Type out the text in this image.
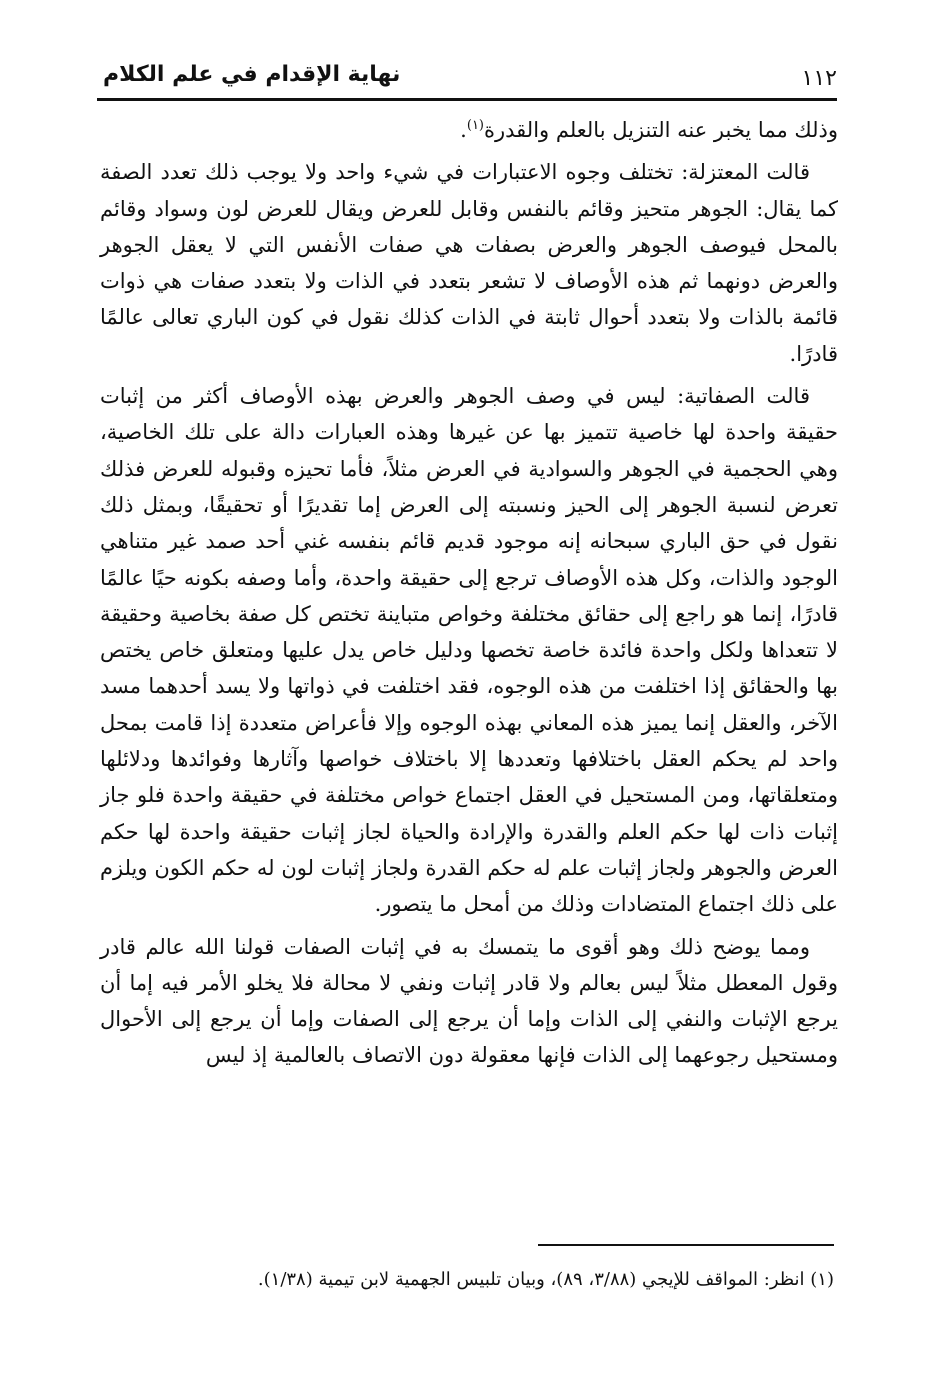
نهاية الإقدام في علم الكلام	١١٢

وذلك مما يخبر عنه التنزيل بالعلم والقدرة$^{(١)}$.

قالت المعتزلة: تختلف وجوه الاعتبارات في شيء واحد ولا يوجب ذلك تعدد الصفة كما يقال: الجوهر متحيز وقائم بالنفس وقابل للعرض ويقال للعرض لون وسواد وقائم بالمحل فيوصف الجوهر والعرض بصفات هي صفات الأنفس التي لا يعقل الجوهر والعرض دونهما ثم هذه الأوصاف لا تشعر بتعدد في الذات ولا بتعدد صفات هي ذوات قائمة بالذات ولا بتعدد أحوال ثابتة في الذات كذلك نقول في كون الباري تعالى عالمًا قادرًا.

قالت الصفاتية: ليس في وصف الجوهر والعرض بهذه الأوصاف أكثر من إثبات حقيقة واحدة لها خاصية تتميز بها عن غيرها وهذه العبارات دالة على تلك الخاصية، وهي الحجمية في الجوهر والسوادية في العرض مثلاً، فأما تحيزه وقبوله للعرض فذلك تعرض لنسبة الجوهر إلى الحيز ونسبته إلى العرض إما تقديرًا أو تحقيقًا، وبمثل ذلك نقول في حق الباري سبحانه إنه موجود قديم قائم بنفسه غني أحد صمد غير متناهي الوجود والذات، وكل هذه الأوصاف ترجع إلى حقيقة واحدة، وأما وصفه بكونه حيًا عالمًا قادرًا، إنما هو راجع إلى حقائق مختلفة وخواص متباينة تختص كل صفة بخاصية وحقيقة لا تتعداها ولكل واحدة فائدة خاصة تخصها ودليل خاص يدل عليها ومتعلق خاص يختص بها والحقائق إذا اختلفت من هذه الوجوه، فقد اختلفت في ذواتها ولا يسد أحدهما مسد الآخر، والعقل إنما يميز هذه المعاني بهذه الوجوه وإلا فأعراض متعددة إذا قامت بمحل واحد لم يحكم العقل باختلافها وتعددها إلا باختلاف خواصها وآثارها وفوائدها ودلائلها ومتعلقاتها، ومن المستحيل في العقل اجتماع خواص مختلفة في حقيقة واحدة فلو جاز إثبات ذات لها حكم العلم والقدرة والإرادة والحياة لجاز إثبات حقيقة واحدة لها حكم العرض والجوهر ولجاز إثبات علم له حكم القدرة ولجاز إثبات لون له حكم الكون ويلزم على ذلك اجتماع المتضادات وذلك من أمحل ما يتصور.

ومما يوضح ذلك وهو أقوى ما يتمسك به في إثبات الصفات قولنا الله عالم قادر وقول المعطل مثلاً ليس بعالم ولا قادر إثبات ونفي لا محالة فلا يخلو الأمر فيه إما أن يرجع الإثبات والنفي إلى الذات وإما أن يرجع إلى الصفات وإما أن يرجع إلى الأحوال ومستحيل رجوعهما إلى الذات فإنها معقولة دون الاتصاف بالعالمية إذ ليس

(١) انظر: المواقف للإيجي (٣/٨٨، ٨٩)، وبيان تلبيس الجهمية لابن تيمية (١/٣٨).
